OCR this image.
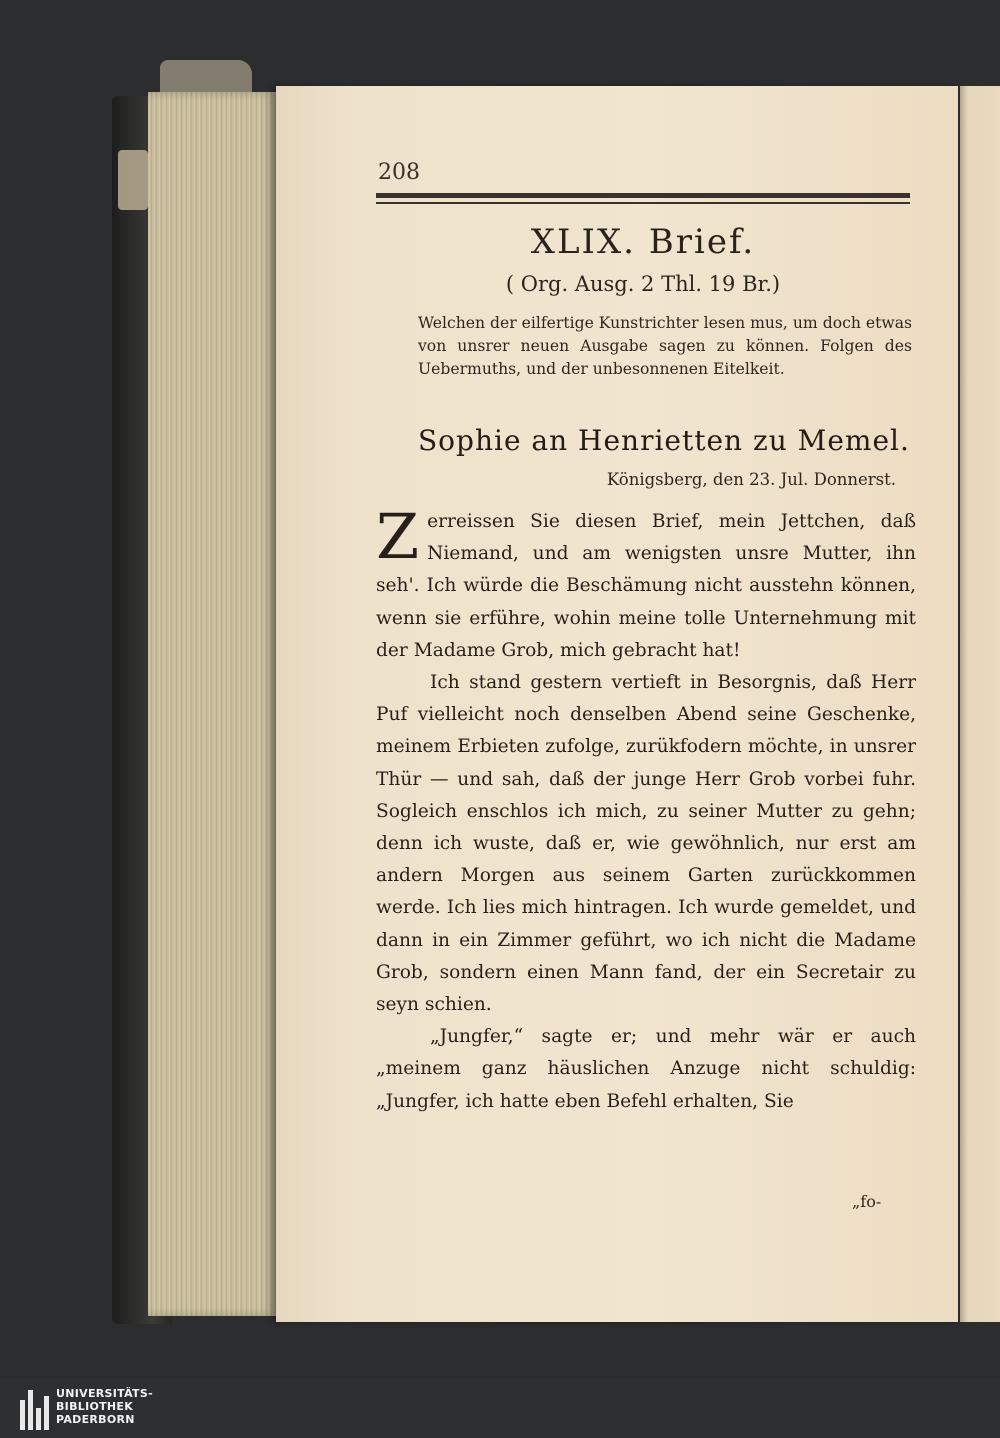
208
XLIX. Brief.
( Org. Ausg. 2 Thl. 19 Br.)
Welchen der eilfertige Kunstrichter lesen mus, um doch etwas von unsrer neuen Ausgabe sagen zu können. Folgen des Uebermuths, und der unbesonnenen Eitelkeit.
Sophie an Henrietten zu Memel.
Königsberg, den 23. Jul. Donnerst.

Zerreissen Sie diesen Brief, mein Jettchen, daß Niemand, und am wenigsten unsre Mutter, ihn seh'. Ich würde die Beschämung nicht ausstehn können, wenn sie erführe, wohin meine tolle Unternehmung mit der Madame Grob, mich gebracht hat!

Ich stand gestern vertieft in Besorgnis, daß Herr Puf vielleicht noch denselben Abend seine Geschenke, meinem Erbieten zufolge, zurükfodern möchte, in unsrer Thür — und sah, daß der junge Herr Grob vorbei fuhr. Sogleich enschlos ich mich, zu seiner Mutter zu gehn; denn ich wuste, daß er, wie gewöhnlich, nur erst am andern Morgen aus seinem Garten zurückkommen werde. Ich lies mich hintragen. Ich wurde gemeldet, und dann in ein Zimmer geführt, wo ich nicht die Madame Grob, sondern einen Mann fand, der ein Secretair zu seyn schien.

„Jungfer,“ sagte er; und mehr wär er auch „meinem ganz häuslichen Anzuge nicht schuldig: „Jungfer, ich hatte eben Befehl erhalten, Sie

„fo-
UNIVERSITÄTS-
BIBLIOTHEK
PADERBORN
